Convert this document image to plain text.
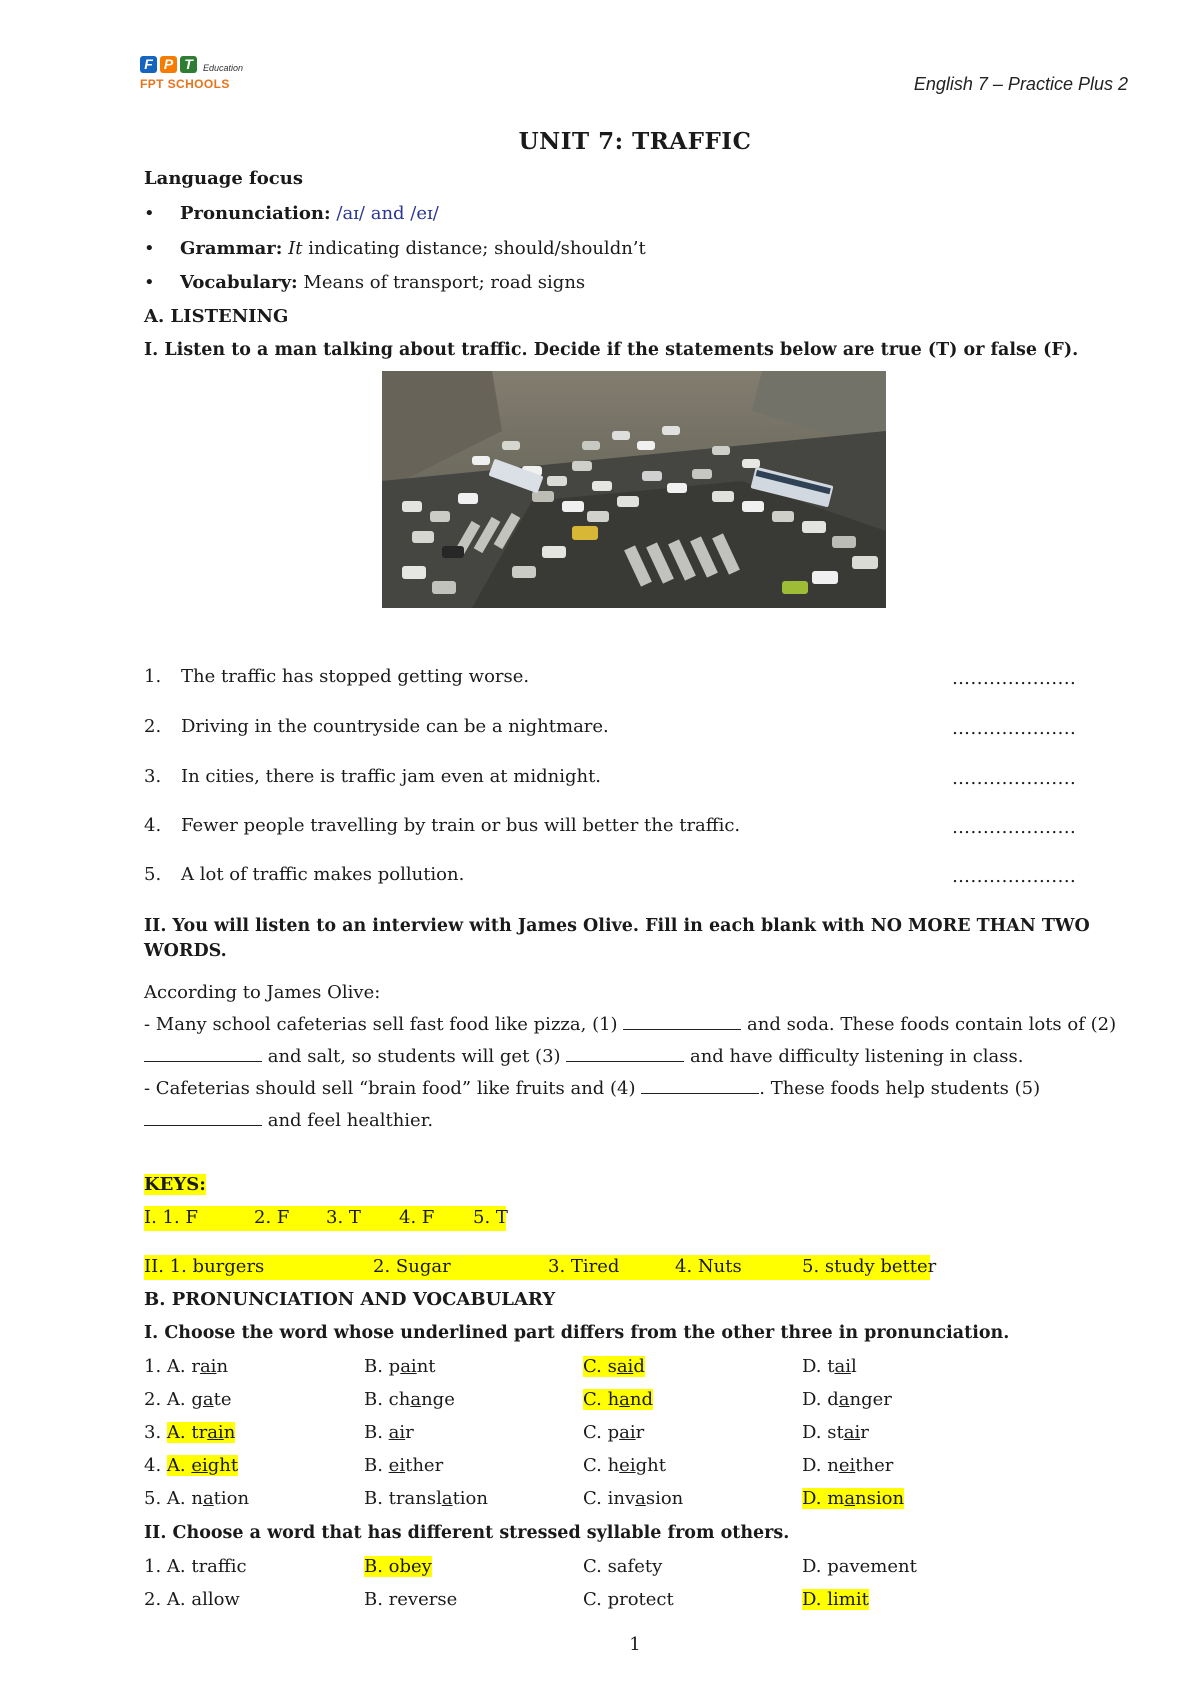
F P T	Education
FPT SCHOOLS	English 7 – Practice Plus 2
UNIT 7: TRAFFIC
Language focus
• Pronunciation: /aɪ/ and /eɪ/
• Grammar: It indicating distance; should/shouldn’t
• Vocabulary: Means of transport; road signs
A. LISTENING
I. Listen to a man talking about traffic. Decide if the statements below are true (T) or false (F).
1. The traffic has stopped getting worse.	….................
2. Driving in the countryside can be a nightmare.	….................
3. In cities, there is traffic jam even at midnight.	….................
4. Fewer people travelling by train or bus will better the traffic.	….................
5. A lot of traffic makes pollution.	….................
II. You will listen to an interview with James Olive. Fill in each blank with NO MORE THAN TWO
WORDS.
According to James Olive:
- Many school cafeterias sell fast food like pizza, (1)	and soda. These foods contain lots of (2)
and salt, so students will get (3)	and have difficulty listening in class.
- Cafeterias should sell “brain food” like fruits and (4)	. These foods help students (5)
and feel healthier.
KEYS:
I. 1. F	2. F 3. T 4. F 5. T
II. 1. burgers	2. Sugar	3. Tired	4. Nuts	5. study better
B. PRONUNCIATION AND VOCABULARY
I. Choose the word whose underlined part differs from the other three in pronunciation.
1. A. rain	B. paint	C. said	D. tail
2. A. gate	B. change	C. hand	D. danger
3. A. train	B. air	C. pair	D. stair
4. A. eight	B. either	C. height	D. neither
5. A. nation	B. translation	C. invasion	D. mansion
II. Choose a word that has different stressed syllable from others.
1. A. traffic	B. obey	C. safety	D. pavement
2. A. allow	B. reverse	C. protect	D. limit
1
